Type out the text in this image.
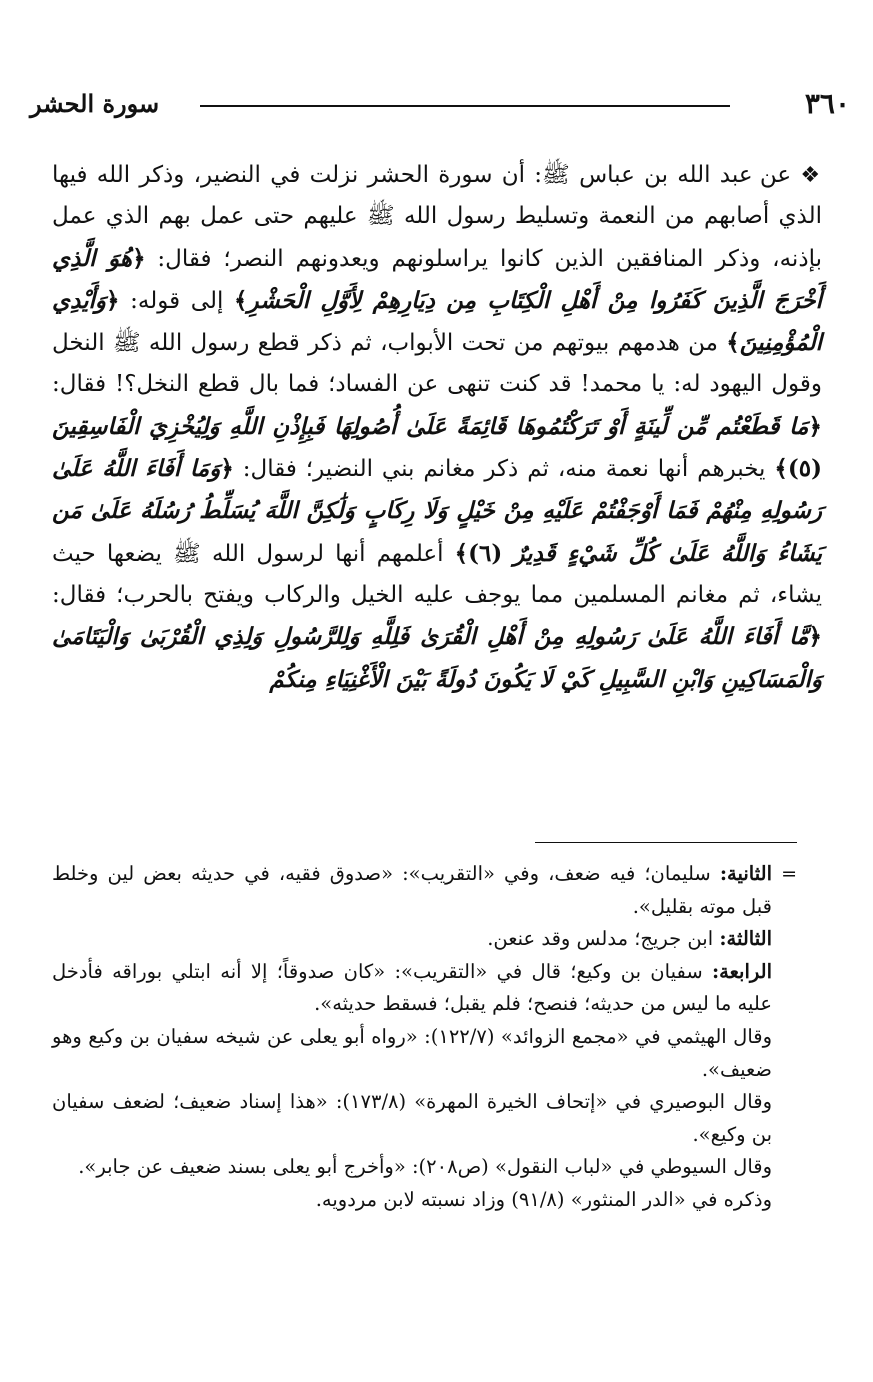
٣٦٠
سورة الحشر

❖ عن عبد الله بن عباس ﷺ: أن سورة الحشر نزلت في النضير، وذكر الله فيها الذي أصابهم من النعمة وتسليط رسول الله ﷺ عليهم حتى عمل بهم الذي عمل بإذنه، وذكر المنافقين الذين كانوا يراسلونهم ويعدونهم النصر؛ فقال: ﴿هُوَ الَّذِي أَخْرَجَ الَّذِينَ كَفَرُوا مِنْ أَهْلِ الْكِتَابِ مِن دِيَارِهِمْ لِأَوَّلِ الْحَشْرِ﴾ إلى قوله: ﴿وَأَيْدِي الْمُؤْمِنِينَ﴾ من هدمهم بيوتهم من تحت الأبواب، ثم ذكر قطع رسول الله ﷺ النخل وقول اليهود له: يا محمد! قد كنت تنهى عن الفساد؛ فما بال قطع النخل؟! فقال: ﴿مَا قَطَعْتُم مِّن لِّينَةٍ أَوْ تَرَكْتُمُوهَا قَائِمَةً عَلَىٰ أُصُولِهَا فَبِإِذْنِ اللَّهِ وَلِيُخْزِيَ الْفَاسِقِينَ (٥)﴾ يخبرهم أنها نعمة منه، ثم ذكر مغانم بني النضير؛ فقال: ﴿وَمَا أَفَاءَ اللَّهُ عَلَىٰ رَسُولِهِ مِنْهُمْ فَمَا أَوْجَفْتُمْ عَلَيْهِ مِنْ خَيْلٍ وَلَا رِكَابٍ وَلَٰكِنَّ اللَّهَ يُسَلِّطُ رُسُلَهُ عَلَىٰ مَن يَشَاءُ وَاللَّهُ عَلَىٰ كُلِّ شَيْءٍ قَدِيرٌ (٦)﴾ أعلمهم أنها لرسول الله ﷺ يضعها حيث يشاء، ثم مغانم المسلمين مما يوجف عليه الخيل والركاب ويفتح بالحرب؛ فقال: ﴿مَّا أَفَاءَ اللَّهُ عَلَىٰ رَسُولِهِ مِنْ أَهْلِ الْقُرَىٰ فَلِلَّهِ وَلِلرَّسُولِ وَلِذِي الْقُرْبَىٰ وَالْيَتَامَىٰ وَالْمَسَاكِينِ وَابْنِ السَّبِيلِ كَيْ لَا يَكُونَ دُولَةً بَيْنَ الْأَغْنِيَاءِ مِنكُمْ

=

الثانية: سليمان؛ فيه ضعف، وفي «التقريب»: «صدوق فقيه، في حديثه بعض لين وخلط قبل موته بقليل».

الثالثة: ابن جريج؛ مدلس وقد عنعن.

الرابعة: سفيان بن وكيع؛ قال في «التقريب»: «كان صدوقاً؛ إلا أنه ابتلي بوراقه فأدخل عليه ما ليس من حديثه؛ فنصح؛ فلم يقبل؛ فسقط حديثه».

وقال الهيثمي في «مجمع الزوائد» (١٢٢/٧): «رواه أبو يعلى عن شيخه سفيان بن وكيع وهو ضعيف».

وقال البوصيري في «إتحاف الخيرة المهرة» (١٧٣/٨): «هذا إسناد ضعيف؛ لضعف سفيان بن وكيع».

وقال السيوطي في «لباب النقول» (ص٢٠٨): «وأخرج أبو يعلى بسند ضعيف عن جابر».

وذكره في «الدر المنثور» (٩١/٨) وزاد نسبته لابن مردويه.
